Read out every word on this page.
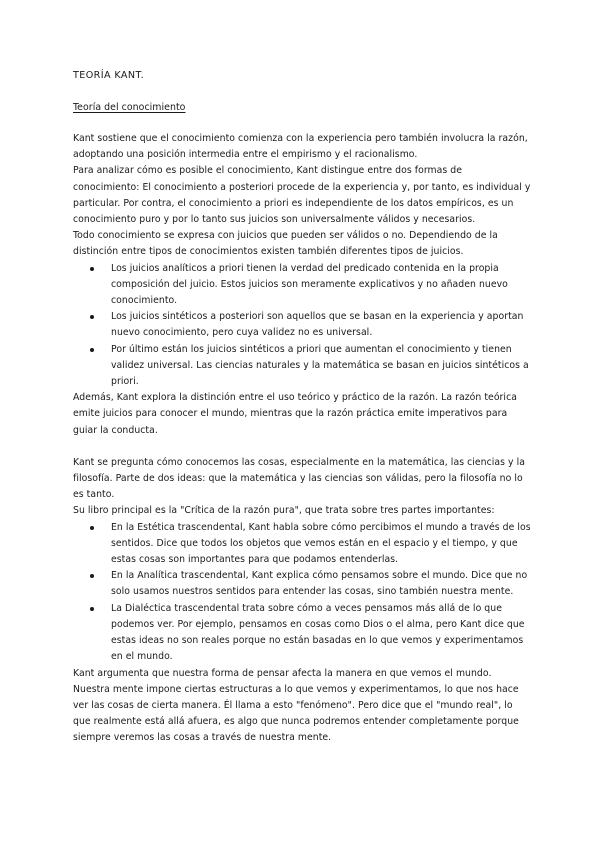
TEORÍA KANT.
Teoría del conocimiento

Kant sostiene que el conocimiento comienza con la experiencia pero también involucra la razón, adoptando una posición intermedia entre el empirismo y el racionalismo.

Para analizar cómo es posible el conocimiento, Kant distingue entre dos formas de conocimiento: El conocimiento a posteriori procede de la experiencia y, por tanto, es individual y particular. Por contra, el conocimiento a priori es independiente de los datos empíricos, es un conocimiento puro y por lo tanto sus juicios son universalmente válidos y necesarios.

Todo conocimiento se expresa con juicios que pueden ser válidos o no. Dependiendo de la distinción entre tipos de conocimientos existen también diferentes tipos de juicios.

Los juicios analíticos a priori tienen la verdad del predicado contenida en la propia composición del juicio. Estos juicios son meramente explicativos y no añaden nuevo conocimiento.
Los juicios sintéticos a posteriori son aquellos que se basan en la experiencia y aportan nuevo conocimiento, pero cuya validez no es universal.
Por último están los juicios sintéticos a priori que aumentan el conocimiento y tienen validez universal. Las ciencias naturales y la matemática se basan en juicios sintéticos a priori.

Además, Kant explora la distinción entre el uso teórico y práctico de la razón. La razón teórica emite juicios para conocer el mundo, mientras que la razón práctica emite imperativos para guiar la conducta.

Kant se pregunta cómo conocemos las cosas, especialmente en la matemática, las ciencias y la filosofía. Parte de dos ideas: que la matemática y las ciencias son válidas, pero la filosofía no lo es tanto.

Su libro principal es la "Crítica de la razón pura", que trata sobre tres partes importantes:

En la Estética trascendental, Kant habla sobre cómo percibimos el mundo a través de los sentidos. Dice que todos los objetos que vemos están en el espacio y el tiempo, y que estas cosas son importantes para que podamos entenderlas.
En la Analítica trascendental, Kant explica cómo pensamos sobre el mundo. Dice que no solo usamos nuestros sentidos para entender las cosas, sino también nuestra mente.
La Dialéctica trascendental trata sobre cómo a veces pensamos más allá de lo que podemos ver. Por ejemplo, pensamos en cosas como Dios o el alma, pero Kant dice que estas ideas no son reales porque no están basadas en lo que vemos y experimentamos en el mundo.

Kant argumenta que nuestra forma de pensar afecta la manera en que vemos el mundo. Nuestra mente impone ciertas estructuras a lo que vemos y experimentamos, lo que nos hace ver las cosas de cierta manera. Él llama a esto "fenómeno". Pero dice que el "mundo real", lo que realmente está allá afuera, es algo que nunca podremos entender completamente porque siempre veremos las cosas a través de nuestra mente.
